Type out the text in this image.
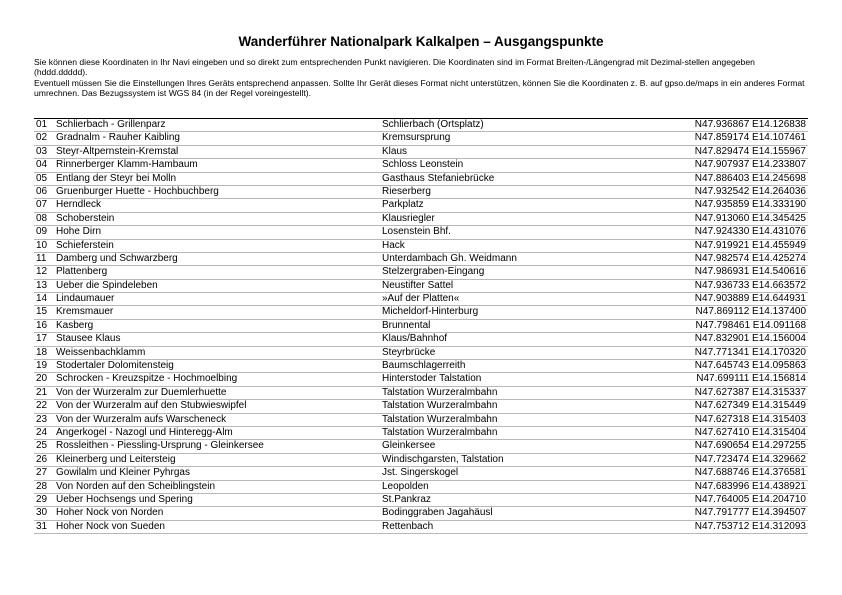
Wanderführer Nationalpark Kalkalpen – Ausgangspunkte

Sie können diese Koordinaten in Ihr Navi eingeben und so direkt zum entsprechenden Punkt navigieren. Die Koordinaten sind im Format Breiten-/Längengrad mit Dezimal-stellen angegeben (hddd.ddddd).

Eventuell müssen Sie die Einstellungen Ihres Geräts entsprechend anpassen. Sollte Ihr Gerät dieses Format nicht unterstützen, können Sie die Koordinaten z. B. auf gpso.de/maps in ein anderes Format umrechnen. Das Bezugssystem ist WGS 84 (in der Regel voreingestellt).

01 Schlierbach - Grillenparz	Schlierbach (Ortsplatz)	N47.936867 E14.126838
02 Gradnalm - Rauher Kaibling	Kremsursprung	N47.859174 E14.107461
03 Steyr-Altpernstein-Kremstal	Klaus	N47.829474 E14.155967
04 Rinnerberger Klamm-Hambaum	Schloss Leonstein	N47.907937 E14.233807
05 Entlang der Steyr bei Molln	Gasthaus Stefaniebrücke	N47.886403 E14.245698
06 Gruenburger Huette - Hochbuchberg	Rieserberg	N47.932542 E14.264036
07 Herndleck	Parkplatz	N47.935859 E14.333190
08 Schoberstein	Klausriegler	N47.913060 E14.345425
09 Hohe Dirn	Losenstein Bhf.	N47.924330 E14.431076
10 Schieferstein	Hack	N47.919921 E14.455949
11 Damberg und Schwarzberg	Unterdambach Gh. Weidmann	N47.982574 E14.425274
12 Plattenberg	Stelzergraben-Eingang	N47.986931 E14.540616
13 Ueber die Spindeleben	Neustifter Sattel	N47.936733 E14.663572
14 Lindaumauer	»Auf der Platten«	N47.903889 E14.644931
15 Kremsmauer	Micheldorf-Hinterburg	N47.869112 E14.137400
16 Kasberg	Brunnental	N47.798461 E14.091168
17 Stausee Klaus	Klaus/Bahnhof	N47.832901 E14.156004
18 Weissenbachklamm	Steyrbrücke	N47.771341 E14.170320
19 Stodertaler Dolomitensteig	Baumschlagerreith	N47.645743 E14.095863
20 Schrocken - Kreuzspitze - Hochmoelbing	Hinterstoder Talstation	N47.699111 E14.156814
21 Von der Wurzeralm zur Duemlerhuette	Talstation Wurzeralmbahn	N47.627387 E14.315337
22 Von der Wurzeralm auf den Stubwieswipfel	Talstation Wurzeralmbahn	N47.627349 E14.315449
23 Von der Wurzeralm aufs Warscheneck	Talstation Wurzeralmbahn	N47.627318 E14.315403
24 Angerkogel - Nazogl und Hinteregg-Alm	Talstation Wurzeralmbahn	N47.627410 E14.315404
25 Rossleithen - Piessling-Ursprung - Gleinkersee	Gleinkersee	N47.690654 E14.297255
26 Kleinerberg und Leitersteig	Windischgarsten, Talstation	N47.723474 E14.329662
27 Gowilalm und Kleiner Pyhrgas	Jst. Singerskogel	N47.688746 E14.376581
28 Von Norden auf den Scheiblingstein	Leopolden	N47.683996 E14.438921
29 Ueber Hochsengs und Spering	St.Pankraz	N47.764005 E14.204710
30 Hoher Nock von Norden	Bodinggraben Jagahäusl	N47.791777 E14.394507
31 Hoher Nock von Sueden	Rettenbach	N47.753712 E14.312093
